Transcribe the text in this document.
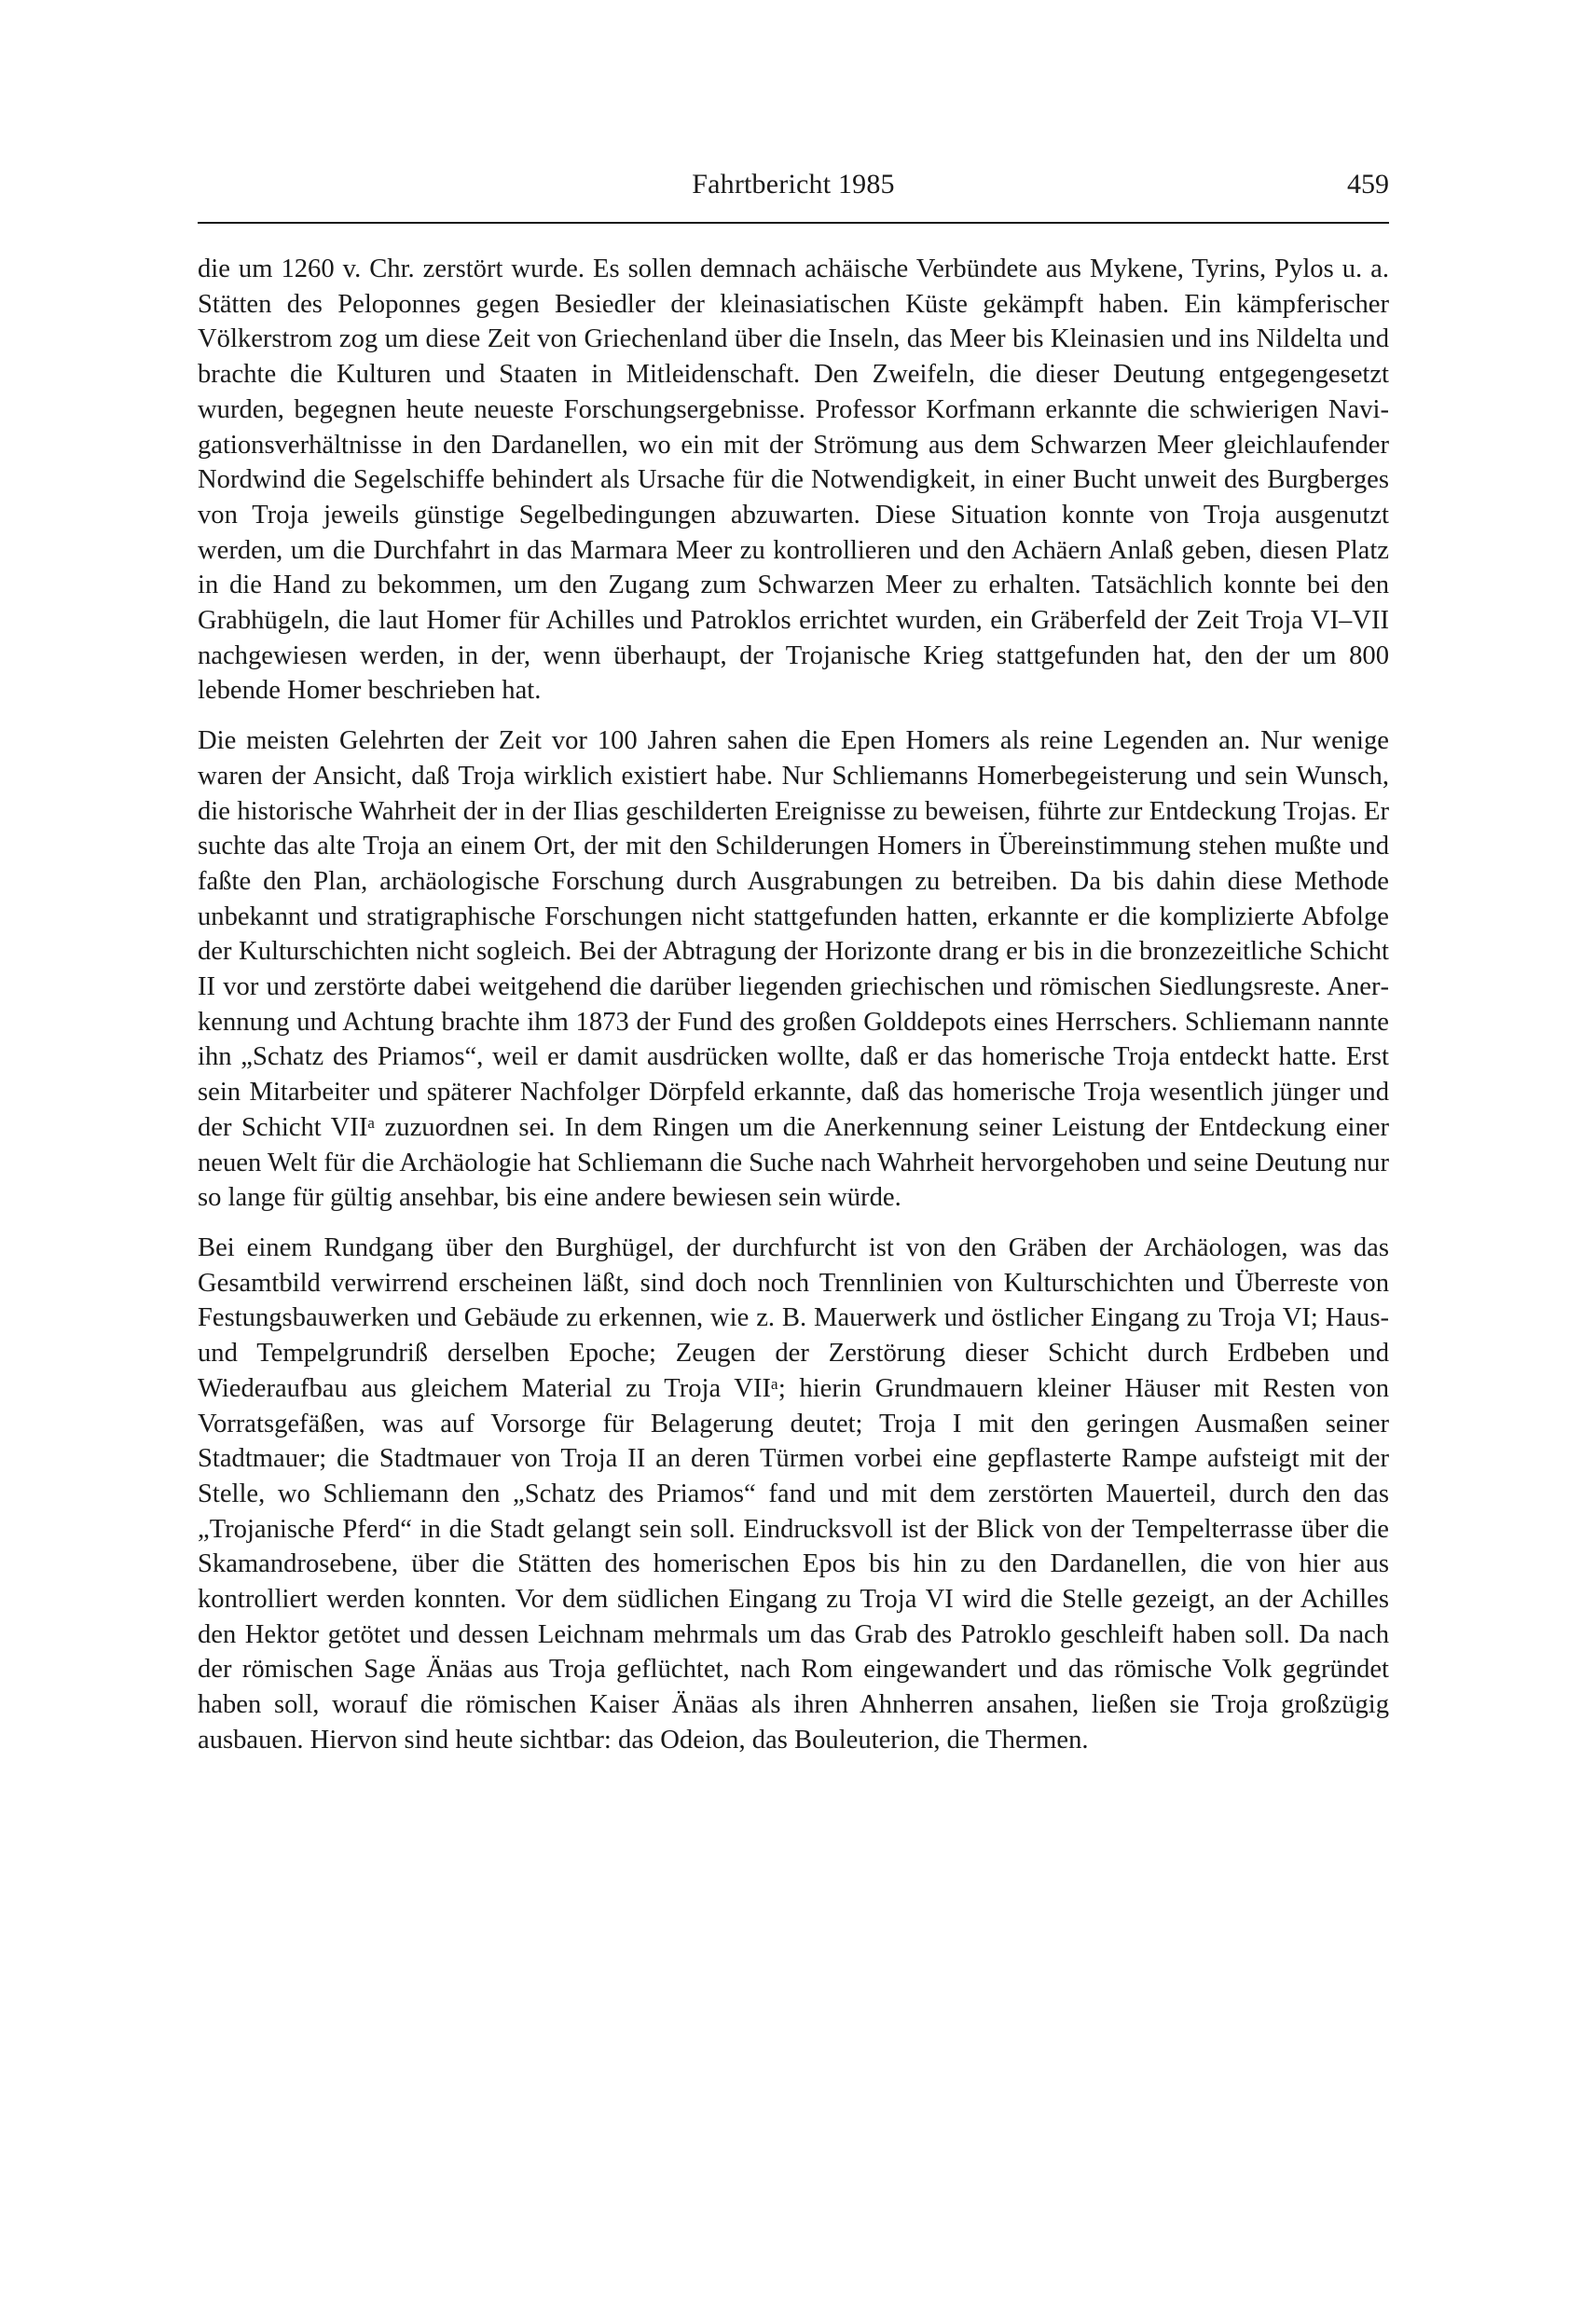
Fahrtbericht 1985	459

die um 1260 v. Chr. zerstört wurde. Es sollen demnach achäische Verbündete aus Mykene, Tyrins, Pylos u. a. Stätten des Peloponnes gegen Besiedler der kleinasiatischen Küste gekämpft haben. Ein kämpferischer Völkerstrom zog um diese Zeit von Griechenland über die Inseln, das Meer bis Kleinasien und ins Nildelta und brachte die Kulturen und Staaten in Mitleidenschaft. Den Zweifeln, die dieser Deutung entgegengesetzt wurden, begegnen heute neueste Forschungsergebnisse. Professor Korfmann erkannte die schwierigen Navigationsverhältnisse in den Dardanellen, wo ein mit der Strömung aus dem Schwarzen Meer gleichlaufender Nordwind die Segelschiffe behindert als Ursache für die Notwendigkeit, in einer Bucht unweit des Burgberges von Troja jeweils günstige Segelbedingungen abzuwarten. Diese Situation konnte von Troja ausgenutzt werden, um die Durchfahrt in das Marmara Meer zu kontrollieren und den Achäern Anlaß geben, diesen Platz in die Hand zu bekommen, um den Zugang zum Schwarzen Meer zu erhalten. Tatsächlich konnte bei den Grabhügeln, die laut Homer für Achilles und Patroklos errichtet wurden, ein Gräberfeld der Zeit Troja VI–VII nachgewiesen werden, in der, wenn überhaupt, der Trojanische Krieg stattgefunden hat, den der um 800 lebende Homer beschrieben hat.

Die meisten Gelehrten der Zeit vor 100 Jahren sahen die Epen Homers als reine Legenden an. Nur wenige waren der Ansicht, daß Troja wirklich existiert habe. Nur Schliemanns Homerbegeisterung und sein Wunsch, die historische Wahrheit der in der Ilias geschilderten Ereignisse zu beweisen, führte zur Entdeckung Trojas. Er suchte das alte Troja an einem Ort, der mit den Schilderungen Homers in Übereinstimmung stehen mußte und faßte den Plan, archäologische Forschung durch Ausgrabungen zu betreiben. Da bis dahin diese Methode unbekannt und stratigraphische Forschungen nicht stattgefunden hatten, erkannte er die komplizierte Abfolge der Kulturschichten nicht sogleich. Bei der Abtragung der Horizonte drang er bis in die bronzezeitliche Schicht II vor und zerstörte dabei weitgehend die darüber liegenden griechischen und römischen Siedlungsreste. Anerkennung und Achtung brachte ihm 1873 der Fund des großen Golddepots eines Herrschers. Schliemann nannte ihn „Schatz des Priamos“, weil er damit ausdrücken wollte, daß er das homerische Troja entdeckt hatte. Erst sein Mitarbeiter und späterer Nachfolger Dörpfeld erkannte, daß das homerische Troja wesentlich jünger und der Schicht VIIᵃ zuzuordnen sei. In dem Ringen um die Anerkennung seiner Leistung der Entdeckung einer neuen Welt für die Archäologie hat Schliemann die Suche nach Wahrheit hervorgehoben und seine Deutung nur so lange für gültig ansehbar, bis eine andere bewiesen sein würde.

Bei einem Rundgang über den Burghügel, der durchfurcht ist von den Gräben der Archäologen, was das Gesamtbild verwirrend erscheinen läßt, sind doch noch Trennlinien von Kulturschichten und Überreste von Festungsbauwerken und Gebäude zu erkennen, wie z. B. Mauerwerk und östlicher Eingang zu Troja VI; Haus- und Tempelgrundriß derselben Epoche; Zeugen der Zerstörung dieser Schicht durch Erdbeben und Wiederaufbau aus gleichem Material zu Troja VIIᵃ; hierin Grundmauern kleiner Häuser mit Resten von Vorratsgefäßen, was auf Vorsorge für Belagerung deutet; Troja I mit den geringen Ausmaßen seiner Stadtmauer; die Stadtmauer von Troja II an deren Türmen vorbei eine gepflasterte Rampe aufsteigt mit der Stelle, wo Schliemann den „Schatz des Priamos“ fand und mit dem zerstörten Mauerteil, durch den das „Trojanische Pferd“ in die Stadt gelangt sein soll. Eindrucksvoll ist der Blick von der Tempelterrasse über die Skamandrosebene, über die Stätten des homerischen Epos bis hin zu den Dardanellen, die von hier aus kontrolliert werden konnten. Vor dem südlichen Eingang zu Troja VI wird die Stelle gezeigt, an der Achilles den Hektor getötet und dessen Leichnam mehrmals um das Grab des Patroklo geschleift haben soll. Da nach der römischen Sage Änäas aus Troja geflüchtet, nach Rom eingewandert und das römische Volk gegründet haben soll, worauf die römischen Kaiser Änäas als ihren Ahnherren ansahen, ließen sie Troja großzügig ausbauen. Hiervon sind heute sichtbar: das Odeion, das Bouleuterion, die Thermen.
